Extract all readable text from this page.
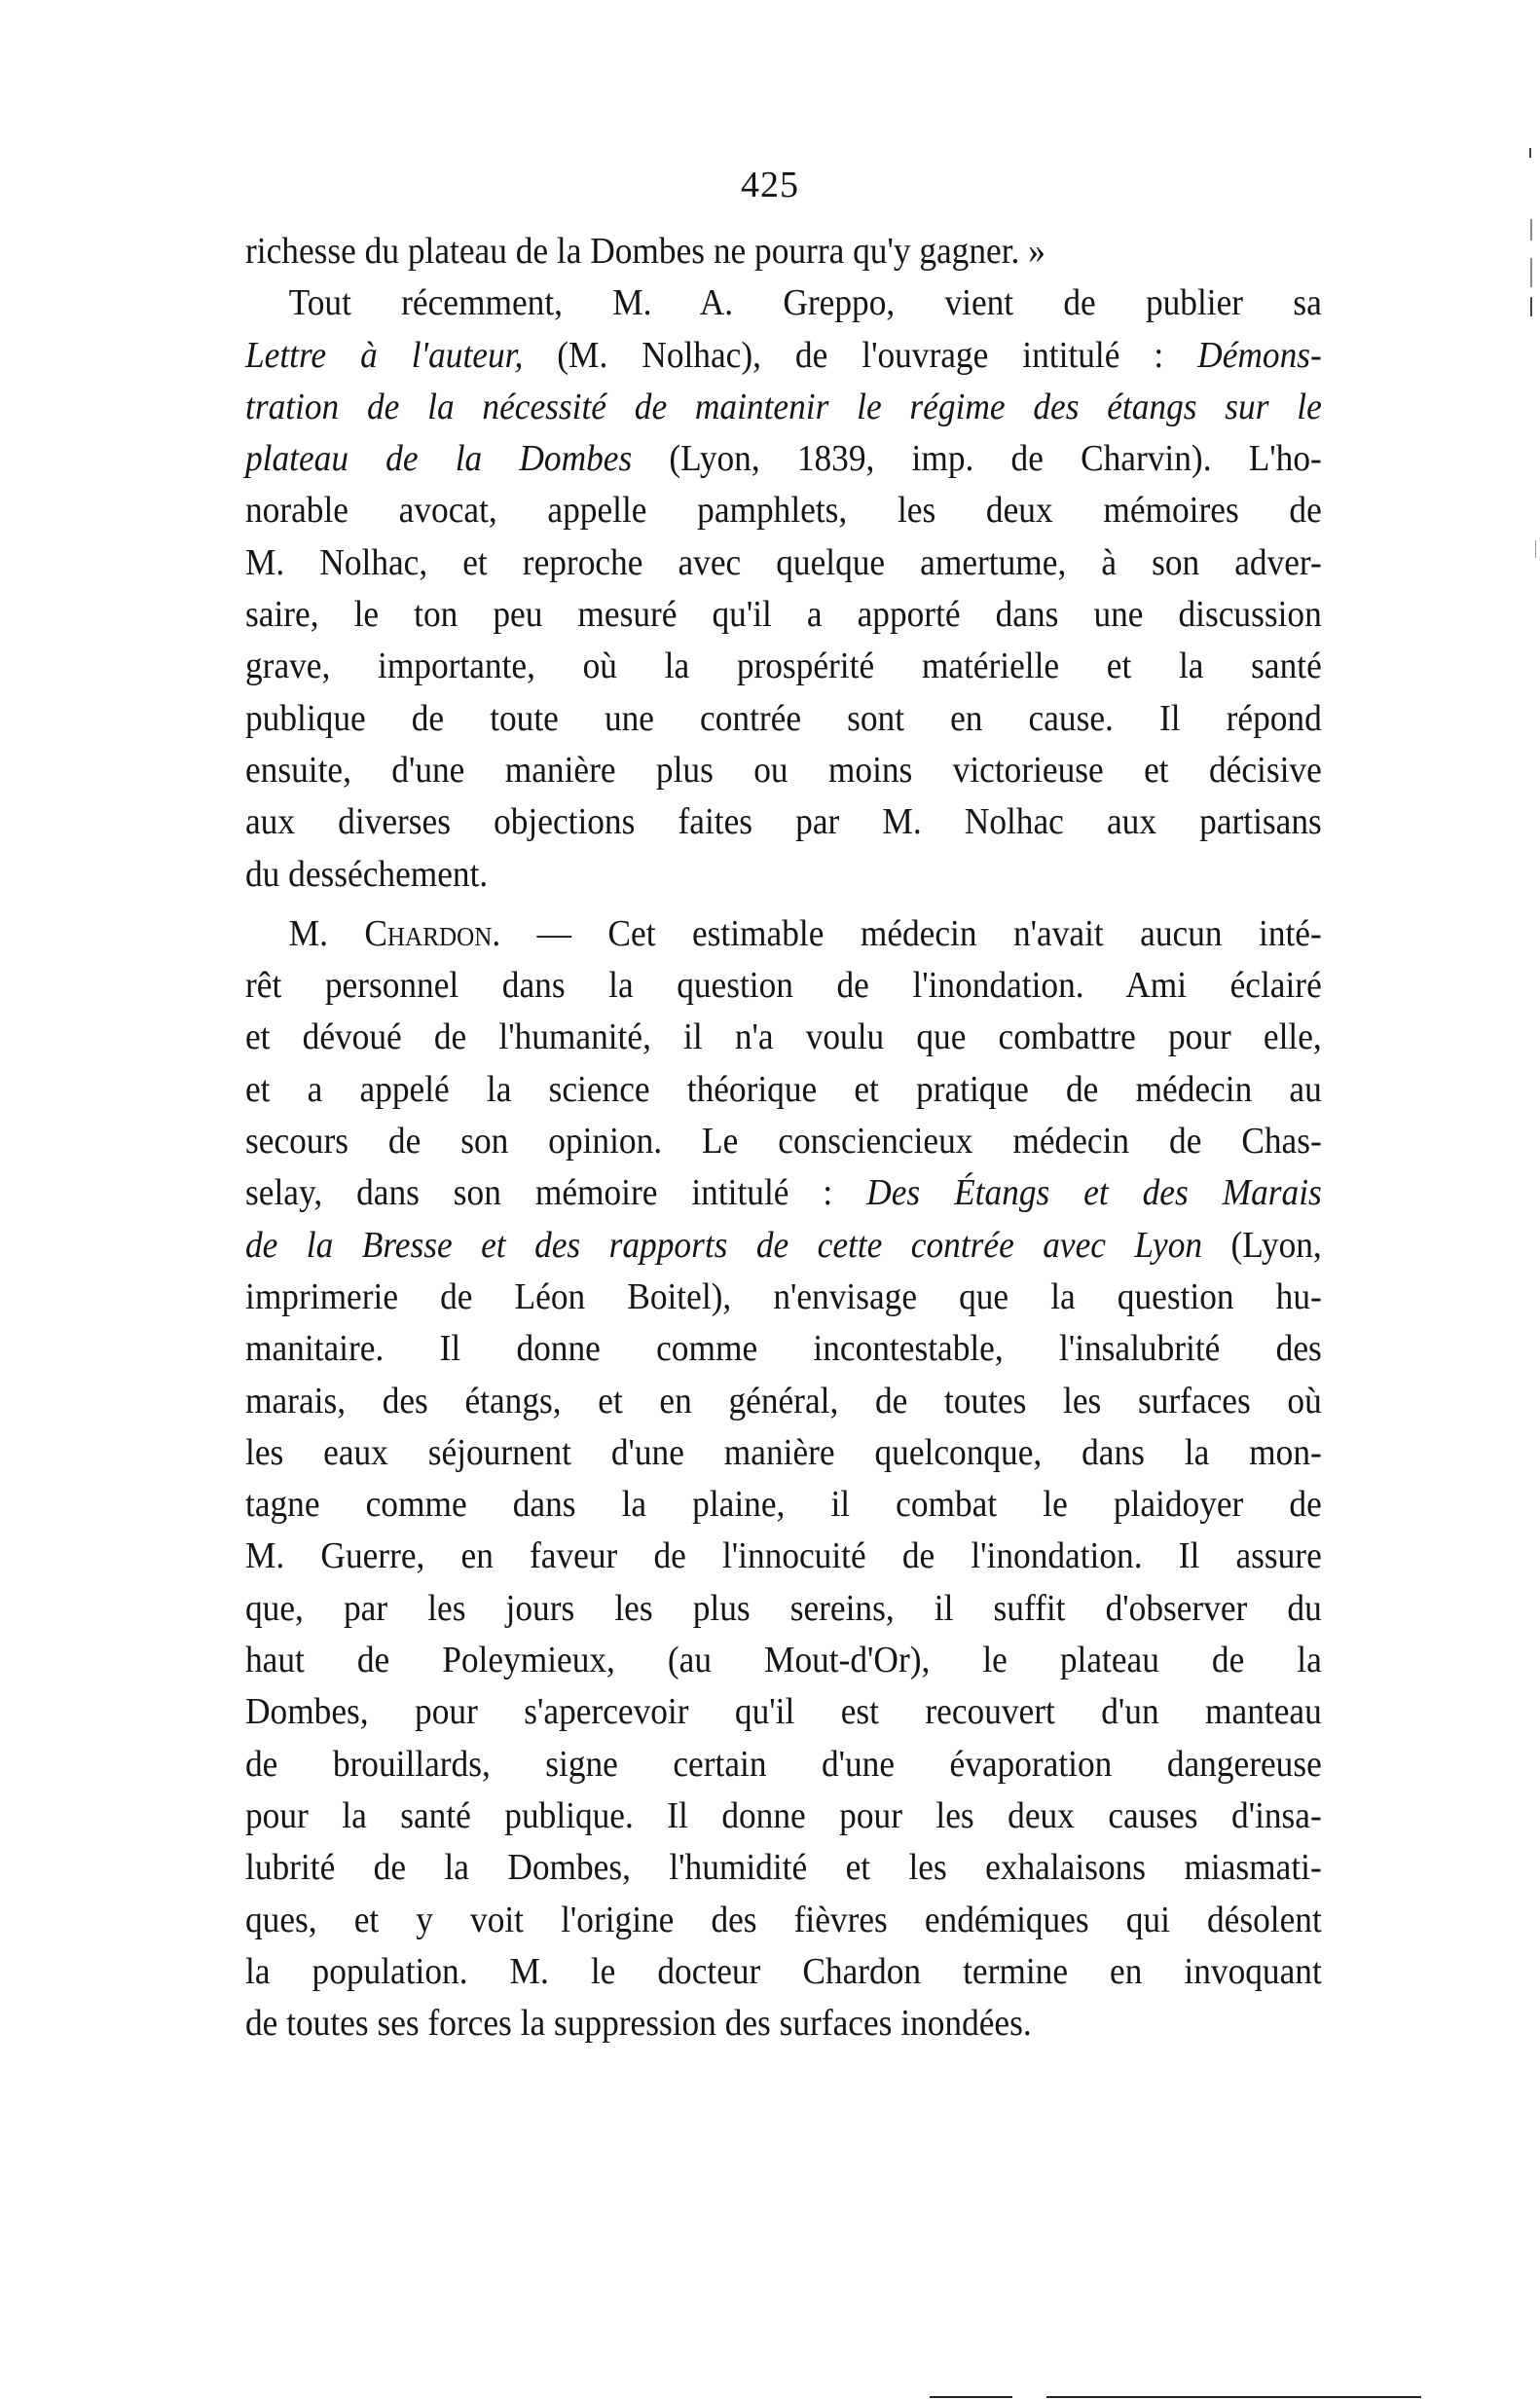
425
richesse du plateau de la Dombes ne pourra qu'y gagner. »
Tout récemment, M. A. Greppo, vient de publier sa
Lettre à l'auteur, (M. Nolhac), de l'ouvrage intitulé : Démons-
tration de la nécessité de maintenir le régime des étangs sur le
plateau de la Dombes (Lyon, 1839, imp. de Charvin). L'ho-
norable avocat, appelle pamphlets, les deux mémoires de
M. Nolhac, et reproche avec quelque amertume, à son adver-
saire, le ton peu mesuré qu'il a apporté dans une discussion
grave, importante, où la prospérité matérielle et la santé
publique de toute une contrée sont en cause. Il répond
ensuite, d'une manière plus ou moins victorieuse et décisive
aux diverses objections faites par M. Nolhac aux partisans
du desséchement.
M. Chardon. — Cet estimable médecin n'avait aucun inté-
rêt personnel dans la question de l'inondation. Ami éclairé
et dévoué de l'humanité, il n'a voulu que combattre pour elle,
et a appelé la science théorique et pratique de médecin au
secours de son opinion. Le consciencieux médecin de Chas-
selay, dans son mémoire intitulé : Des Étangs et des Marais
de la Bresse et des rapports de cette contrée avec Lyon (Lyon,
imprimerie de Léon Boitel), n'envisage que la question hu-
manitaire. Il donne comme incontestable, l'insalubrité des
marais, des étangs, et en général, de toutes les surfaces où
les eaux séjournent d'une manière quelconque, dans la mon-
tagne comme dans la plaine, il combat le plaidoyer de
M. Guerre, en faveur de l'innocuité de l'inondation. Il assure
que, par les jours les plus sereins, il suffit d'observer du
haut de Poleymieux, (au Mout-d'Or), le plateau de la
Dombes, pour s'apercevoir qu'il est recouvert d'un manteau
de brouillards, signe certain d'une évaporation dangereuse
pour la santé publique. Il donne pour les deux causes d'insa-
lubrité de la Dombes, l'humidité et les exhalaisons miasmati-
ques, et y voit l'origine des fièvres endémiques qui désolent
la population. M. le docteur Chardon termine en invoquant
de toutes ses forces la suppression des surfaces inondées.
